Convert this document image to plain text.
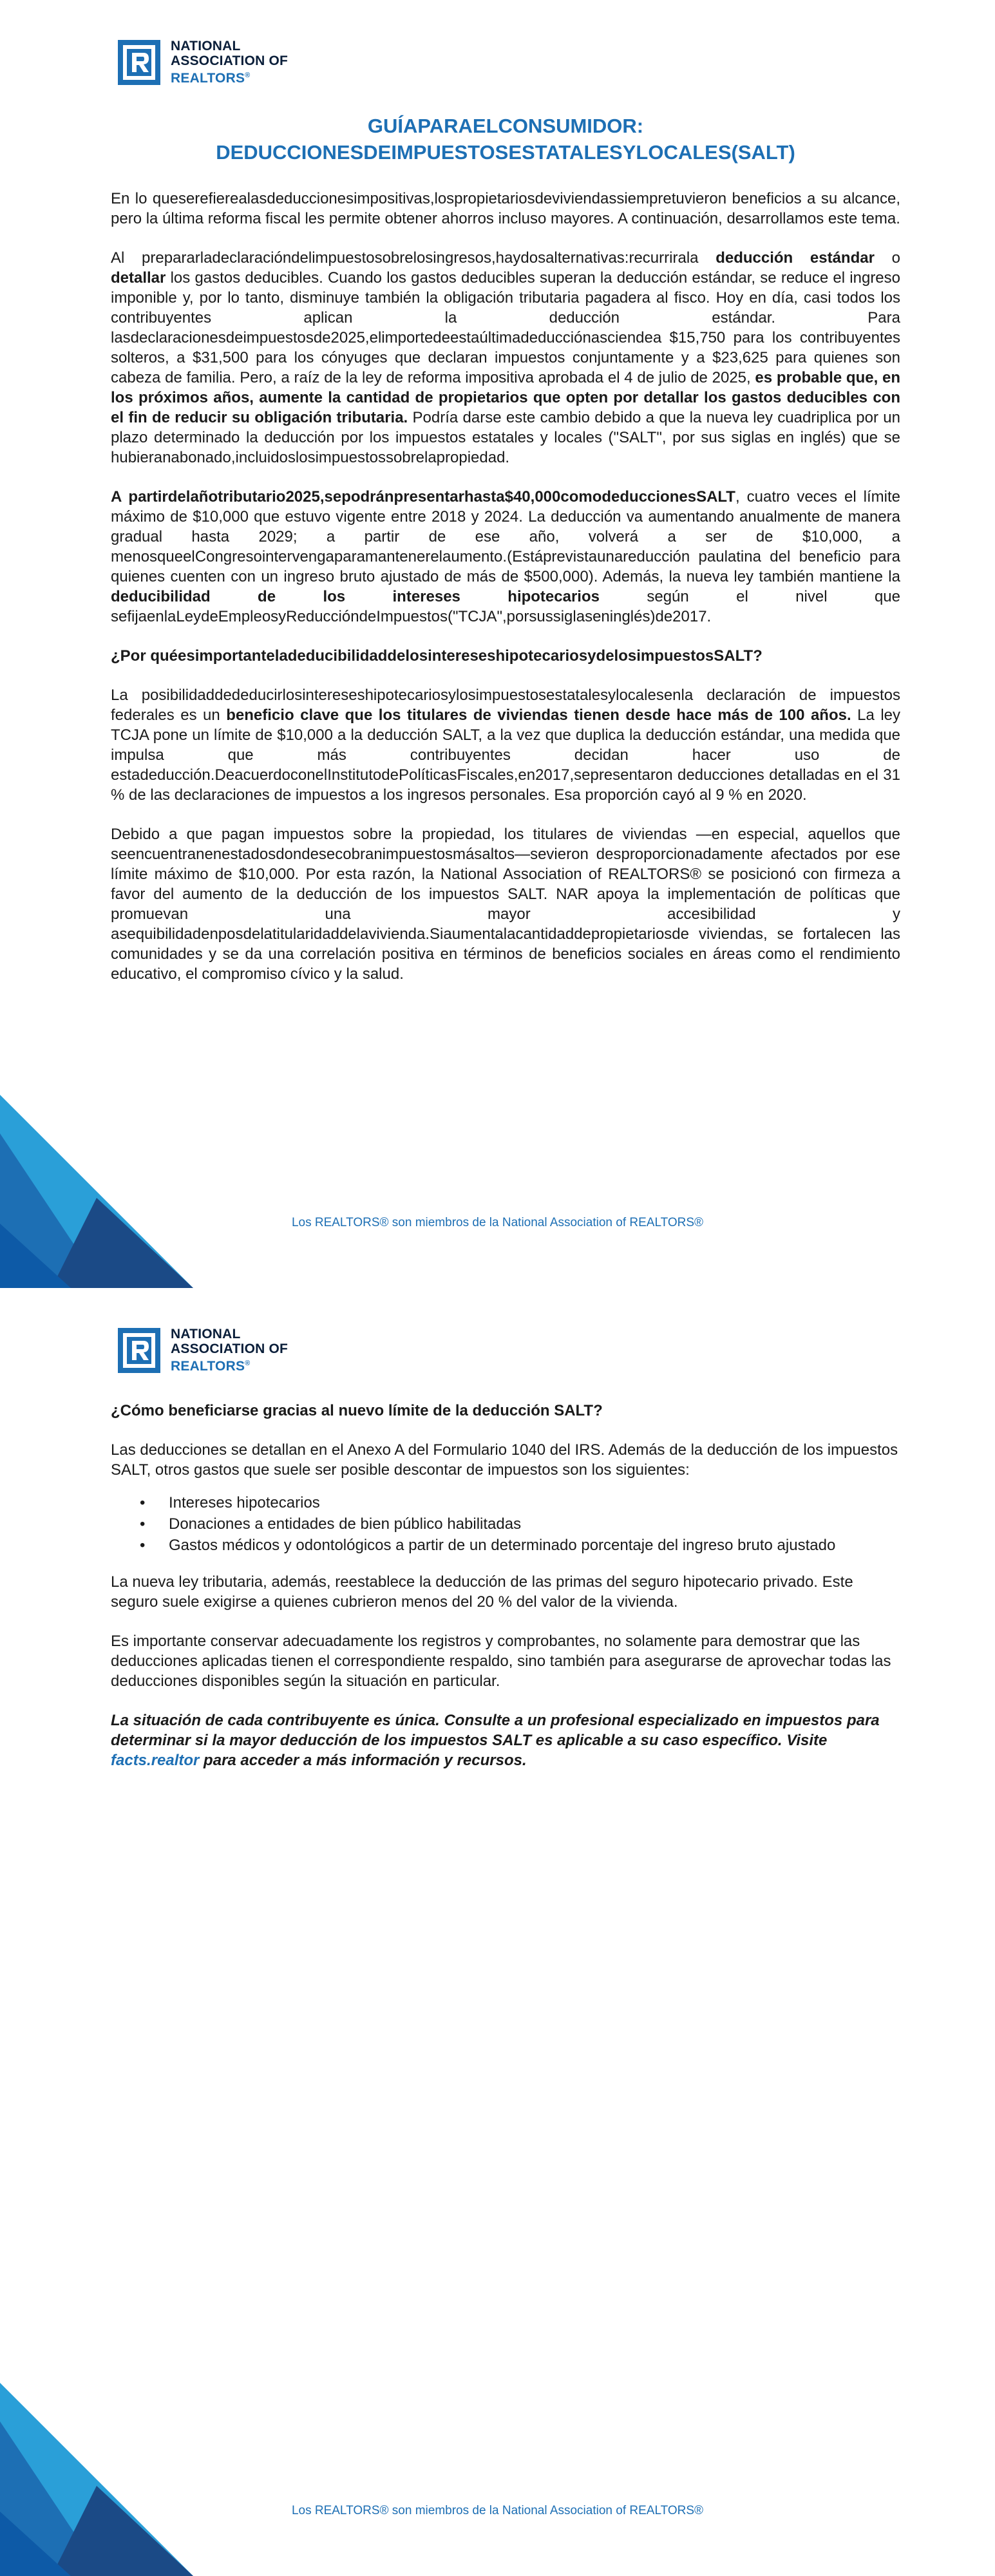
NATIONAL
ASSOCIATION OF
REALTORS®
GUÍAPARAELCONSUMIDOR:
DEDUCCIONESDEIMPUESTOSESTATALESYLOCALES(SALT)

En lo queserefierealasdeduccionesimpositivas,lospropietariosdeviviendassiempretuvieron beneficios a su alcance, pero la última reforma fiscal les permite obtener ahorros incluso mayores. A continuación, desarrollamos este tema.

Al prepararladeclaracióndelimpuestosobrelosingresos,haydosalternativas:recurrirala deducción estándar o detallar los gastos deducibles. Cuando los gastos deducibles superan la deducción estándar, se reduce el ingreso imponible y, por lo tanto, disminuye también la obligación tributaria pagadera al fisco. Hoy en día, casi todos los contribuyentes aplican la deducción estándar. Para lasdeclaracionesdeimpuestosde2025,elimportedeestaúltimadeducciónasciendea $15,750 para los contribuyentes solteros, a $31,500 para los cónyuges que declaran impuestos conjuntamente y a $23,625 para quienes son cabeza de familia. Pero, a raíz de la ley de reforma impositiva aprobada el 4 de julio de 2025, es probable que, en los próximos años, aumente la cantidad de propietarios que opten por detallar los gastos deducibles con el fin de reducir su obligación tributaria. Podría darse este cambio debido a que la nueva ley cuadriplica por un plazo determinado la deducción por los impuestos estatales y locales ("SALT", por sus siglas en inglés) que se hubieranabonado,incluidoslosimpuestossobrelapropiedad.

A partirdelañotributario2025,sepodránpresentarhasta$40,000comodeduccionesSALT, cuatro veces el límite máximo de $10,000 que estuvo vigente entre 2018 y 2024. La deducción va aumentando anualmente de manera gradual hasta 2029; a partir de ese año, volverá a ser de $10,000, a menosqueelCongresointervengaparamantenerelaumento.(Estáprevistaunareducción paulatina del beneficio para quienes cuenten con un ingreso bruto ajustado de más de $500,000). Además, la nueva ley también mantiene la deducibilidad de los intereses hipotecarios según el nivel que sefijaenlaLeydeEmpleosyReduccióndeImpuestos("TCJA",porsussiglaseninglés)de2017.

¿Por quéesimportanteladeducibilidaddelosintereseshipotecariosydelosimpuestosSALT?

La posibilidaddededucirlosintereseshipotecariosylosimpuestosestatalesylocalesenla declaración de impuestos federales es un beneficio clave que los titulares de viviendas tienen desde hace más de 100 años. La ley TCJA pone un límite de $10,000 a la deducción SALT, a la vez que duplica la deducción estándar, una medida que impulsa que más contribuyentes decidan hacer uso de estadeducción.DeacuerdoconelInstitutodePolíticasFiscales,en2017,sepresentaron deducciones detalladas en el 31 % de las declaraciones de impuestos a los ingresos personales. Esa proporción cayó al 9 % en 2020.

Debido a que pagan impuestos sobre la propiedad, los titulares de viviendas —en especial, aquellos que seencuentranenestadosdondesecobranimpuestosmásaltos—sevieron desproporcionadamente afectados por ese límite máximo de $10,000. Por esta razón, la National Association of REALTORS® se posicionó con firmeza a favor del aumento de la deducción de los impuestos SALT. NAR apoya la implementación de políticas que promuevan una mayor accesibilidad y asequibilidadenposdelatitularidaddelavivienda.Siaumentalacantidaddepropietariosde viviendas, se fortalecen las comunidades y se da una correlación positiva en términos de beneficios sociales en áreas como el rendimiento educativo, el compromiso cívico y la salud.

Los REALTORS® son miembros de la National Association of REALTORS®
NATIONAL
ASSOCIATION OF
REALTORS®
¿Cómo beneficiarse gracias al nuevo límite de la deducción SALT?

Las deducciones se detallan en el Anexo A del Formulario 1040 del IRS. Además de la deducción de los impuestos SALT, otros gastos que suele ser posible descontar de impuestos son los siguientes:

• Intereses hipotecarios
• Donaciones a entidades de bien público habilitadas
• Gastos médicos y odontológicos a partir de un determinado porcentaje del ingreso bruto ajustado

La nueva ley tributaria, además, reestablece la deducción de las primas del seguro hipotecario privado. Este seguro suele exigirse a quienes cubrieron menos del 20 % del valor de la vivienda.

Es importante conservar adecuadamente los registros y comprobantes, no solamente para demostrar que las deducciones aplicadas tienen el correspondiente respaldo, sino también para asegurarse de aprovechar todas las deducciones disponibles según la situación en particular.

La situación de cada contribuyente es única. Consulte a un profesional especializado en impuestos para determinar si la mayor deducción de los impuestos SALT es aplicable a su caso específico. Visite facts.realtor para acceder a más información y recursos.

Los REALTORS® son miembros de la National Association of REALTORS®
